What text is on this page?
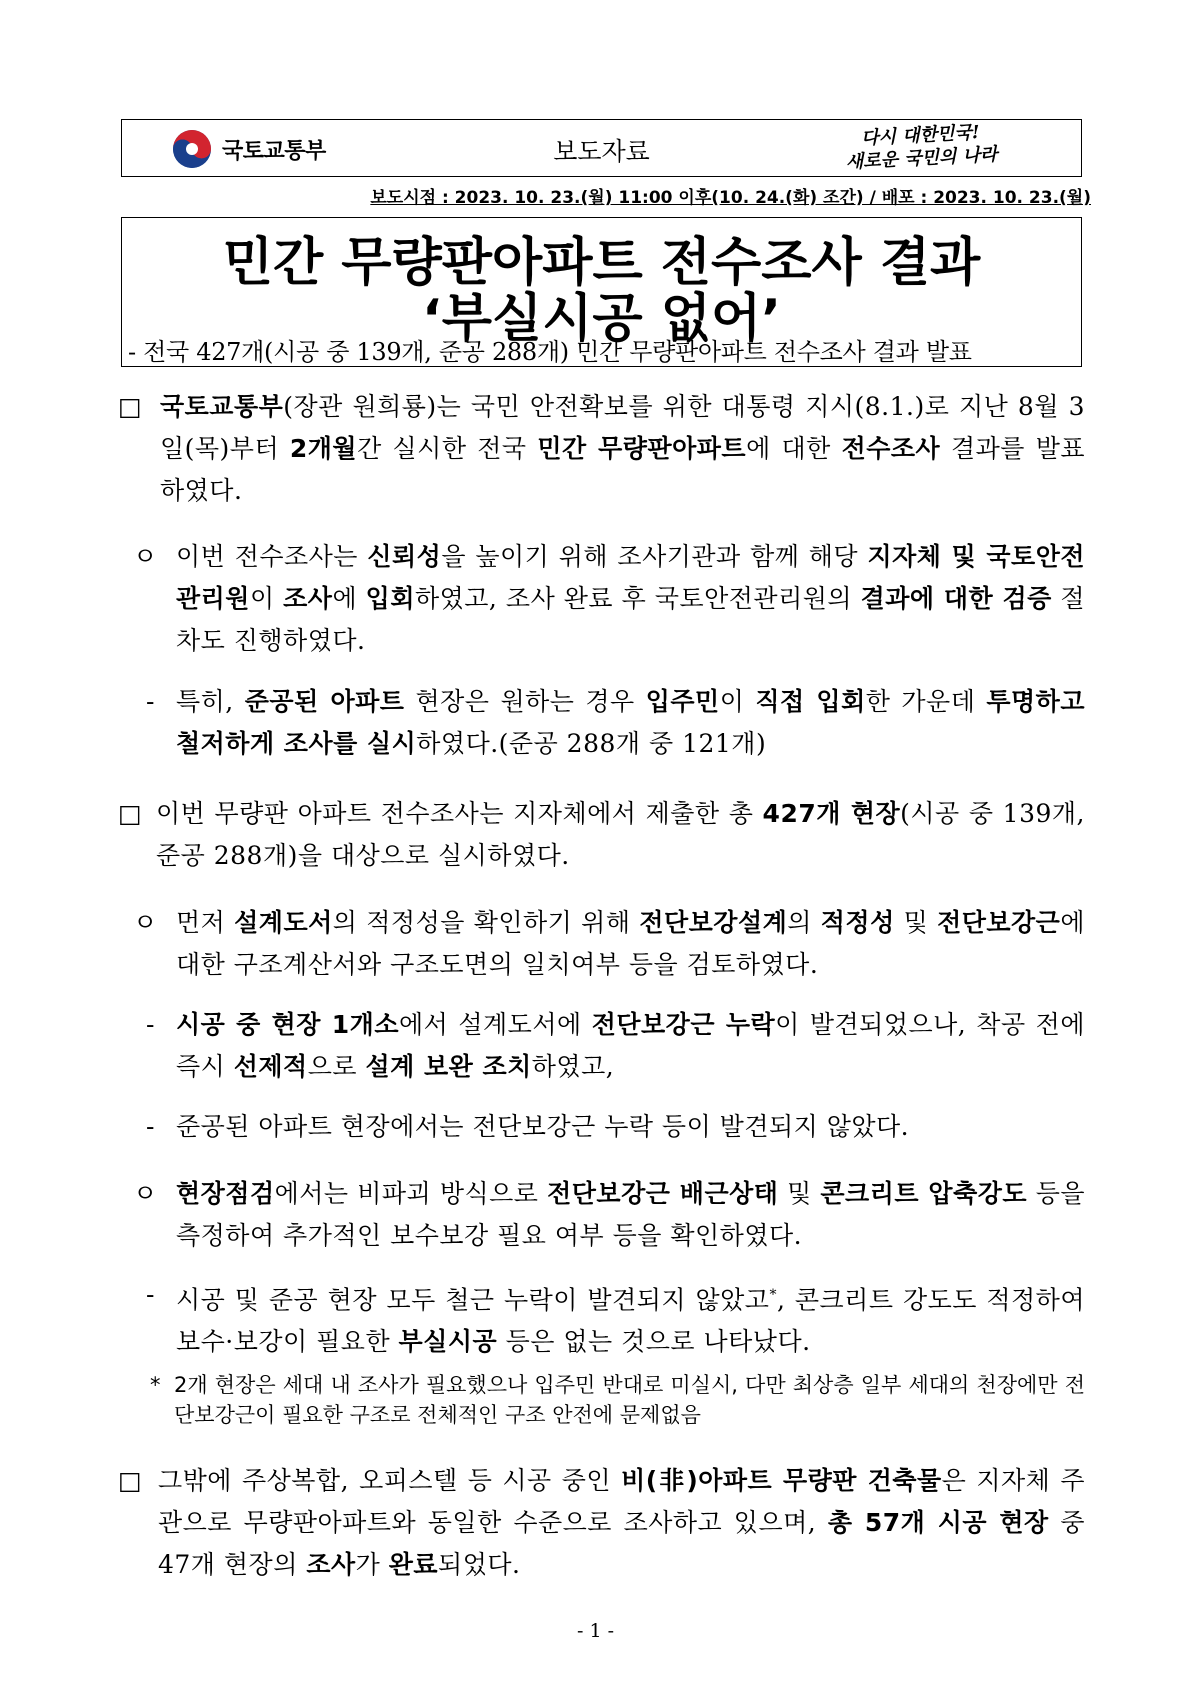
국토교통부	보도자료
다시 대한민국!
새로운 국민의 나라
보도시점 : 2023. 10. 23.(월) 11:00 이후(10. 24.(화) 조간) / 배포 : 2023. 10. 23.(월)
민간 무량판아파트 전수조사 결과
‘부실시공 없어’
- 전국 427개(시공 중 139개, 준공 288개) 민간 무량판아파트 전수조사 결과 발표
□ 국토교통부(장관 원희룡)는 국민 안전확보를 위한 대통령 지시(8.1.)로 지난 8월 3일(목)부터 2개월간 실시한 전국 민간 무량판아파트에 대한 전수조사 결과를 발표하였다.
ㅇ 이번 전수조사는 신뢰성을 높이기 위해 조사기관과 함께 해당 지자체 및 국토안전관리원이 조사에 입회하였고, 조사 완료 후 국토안전관리원의 결과에 대한 검증 절차도 진행하였다.
- 특히, 준공된 아파트 현장은 원하는 경우 입주민이 직접 입회한 가운데 투명하고 철저하게 조사를 실시하였다.(준공 288개 중 121개)
□ 이번 무량판 아파트 전수조사는 지자체에서 제출한 총 427개 현장(시공 중 139개, 준공 288개)을 대상으로 실시하였다.
ㅇ 먼저 설계도서의 적정성을 확인하기 위해 전단보강설계의 적정성 및 전단보강근에 대한 구조계산서와 구조도면의 일치여부 등을 검토하였다.
- 시공 중 현장 1개소에서 설계도서에 전단보강근 누락이 발견되었으나, 착공 전에 즉시 선제적으로 설계 보완 조치하였고,
- 준공된 아파트 현장에서는 전단보강근 누락 등이 발견되지 않았다.
ㅇ 현장점검에서는 비파괴 방식으로 전단보강근 배근상태 및 콘크리트 압축강도 등을 측정하여 추가적인 보수보강 필요 여부 등을 확인하였다.
- 시공 및 준공 현장 모두 철근 누락이 발견되지 않았고*, 콘크리트 강도도 적정하여 보수·보강이 필요한 부실시공 등은 없는 것으로 나타났다.
* 2개 현장은 세대 내 조사가 필요했으나 입주민 반대로 미실시, 다만 최상층 일부 세대의 천장에만 전단보강근이 필요한 구조로 전체적인 구조 안전에 문제없음
□ 그밖에 주상복합, 오피스텔 등 시공 중인 비(非)아파트 무량판 건축물은 지자체 주관으로 무량판아파트와 동일한 수준으로 조사하고 있으며, 총 57개 시공 현장 중 47개 현장의 조사가 완료되었다.
- 1 -
